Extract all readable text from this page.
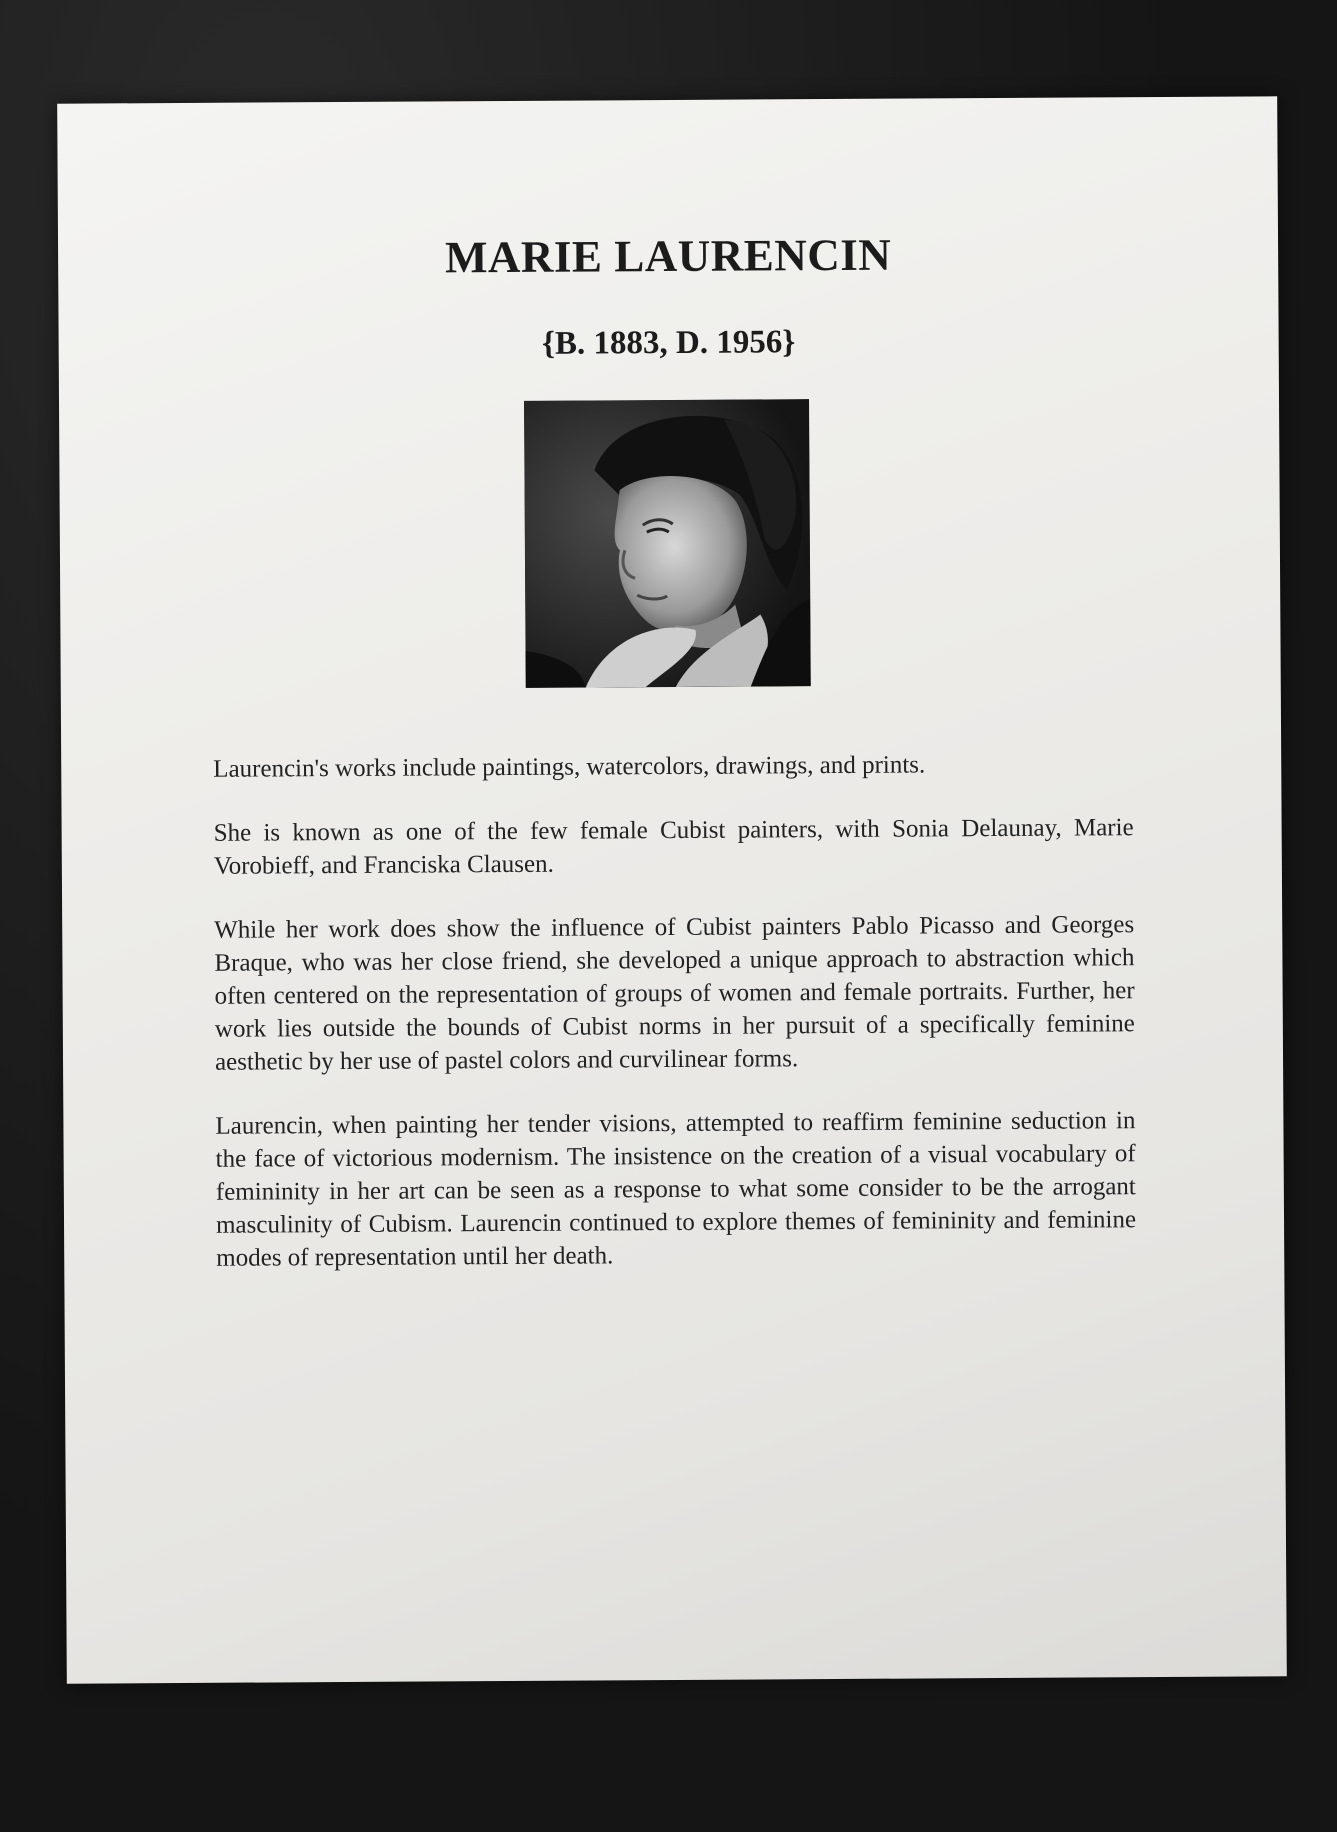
MARIE LAURENCIN
{B. 1883, D. 1956}

Laurencin's works include paintings, watercolors, drawings, and prints.

She is known as one of the few female Cubist painters, with Sonia Delaunay, Marie Vorobieff, and Franciska Clausen.

While her work does show the influence of Cubist painters Pablo Picasso and Georges Braque, who was her close friend, she developed a unique approach to abstraction which often centered on the representation of groups of women and female portraits. Further, her work lies outside the bounds of Cubist norms in her pursuit of a specifically feminine aesthetic by her use of pastel colors and curvilinear forms.

Laurencin, when painting her tender visions, attempted to reaffirm feminine seduction in the face of victorious modernism. The insistence on the creation of a visual vocabulary of femininity in her art can be seen as a response to what some consider to be the arrogant masculinity of Cubism. Laurencin continued to explore themes of femininity and feminine modes of representation until her death.
